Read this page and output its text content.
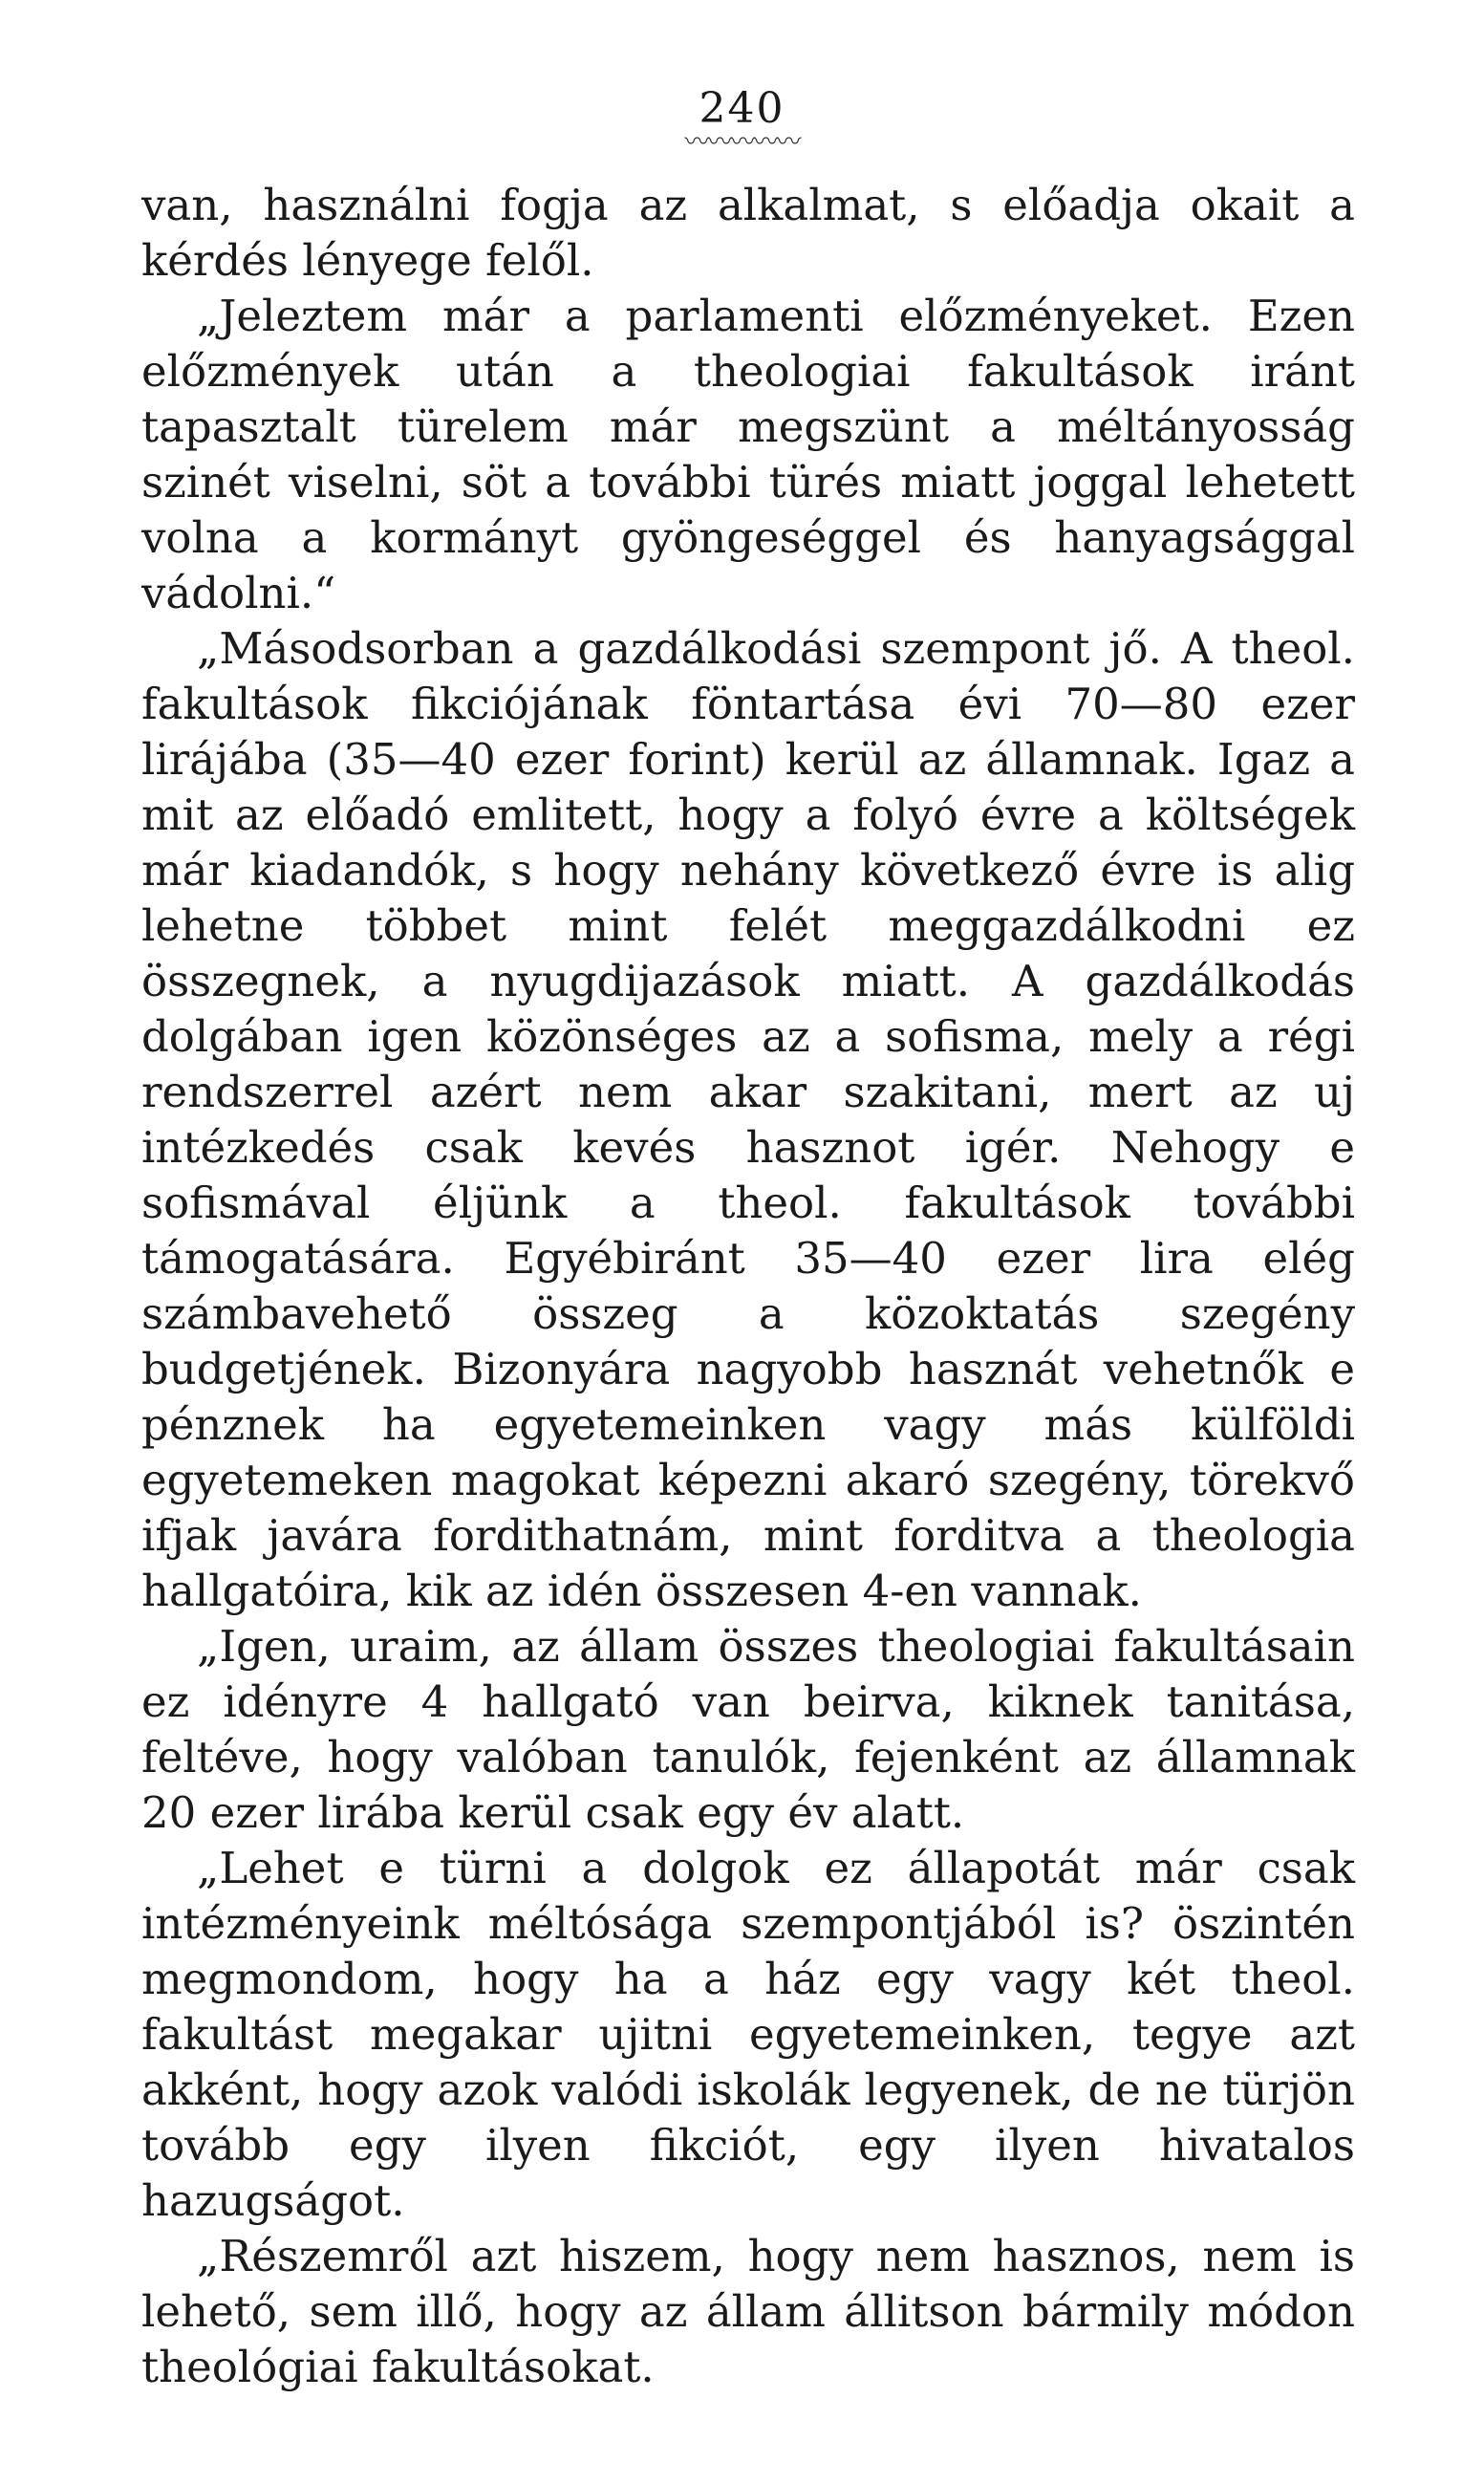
240
〰〰〰〰〰

van, használni fogja az alkalmat, s előadja okait a kérdés lényege felől.

„Jeleztem már a parlamenti előzményeket. Ezen előzmények után a theologiai fakultások iránt tapasztalt türelem már megszünt a méltányosság szinét viselni, söt a további türés miatt joggal lehetett volna a kormányt gyöngeséggel és hanyagsággal vádolni.“

„Másodsorban a gazdálkodási szempont jő. A theol. fakultások fikciójának föntartása évi 70—80 ezer lirájába (35—40 ezer forint) kerül az államnak. Igaz a mit az előadó emlitett, hogy a folyó évre a költségek már kiadandók, s hogy nehány következő évre is alig lehetne többet mint felét meggazdálkodni ez összegnek, a nyugdijazások miatt. A gazdálkodás dolgában igen közönséges az a sofisma, mely a régi rendszerrel azért nem akar szakitani, mert az uj intézkedés csak kevés hasznot igér. Nehogy e sofismával éljünk a theol. fakultások további támogatására. Egyébiránt 35—40 ezer lira elég számbavehető összeg a közoktatás szegény budgetjének. Bizonyára nagyobb hasznát vehetnők e pénznek ha egyetemeinken vagy más külföldi egyetemeken magokat képezni akaró szegény, törekvő ifjak javára fordithatnám, mint forditva a theologia hallgatóira, kik az idén összesen 4-en vannak.

„Igen, uraim, az állam összes theologiai fakultásain ez idényre 4 hallgató van beirva, kiknek tanitása, feltéve, hogy valóban tanulók, fejenként az államnak 20 ezer lirába kerül csak egy év alatt.

„Lehet e türni a dolgok ez állapotát már csak intézményeink méltósága szempontjából is? öszintén megmondom, hogy ha a ház egy vagy két theol. fakultást megakar ujitni egyetemeinken, tegye azt akként, hogy azok valódi iskolák legyenek, de ne türjön tovább egy ilyen fikciót, egy ilyen hivatalos hazugságot.

„Részemről azt hiszem, hogy nem hasznos, nem is lehető, sem illő, hogy az állam állitson bármily módon theológiai fakultásokat.
